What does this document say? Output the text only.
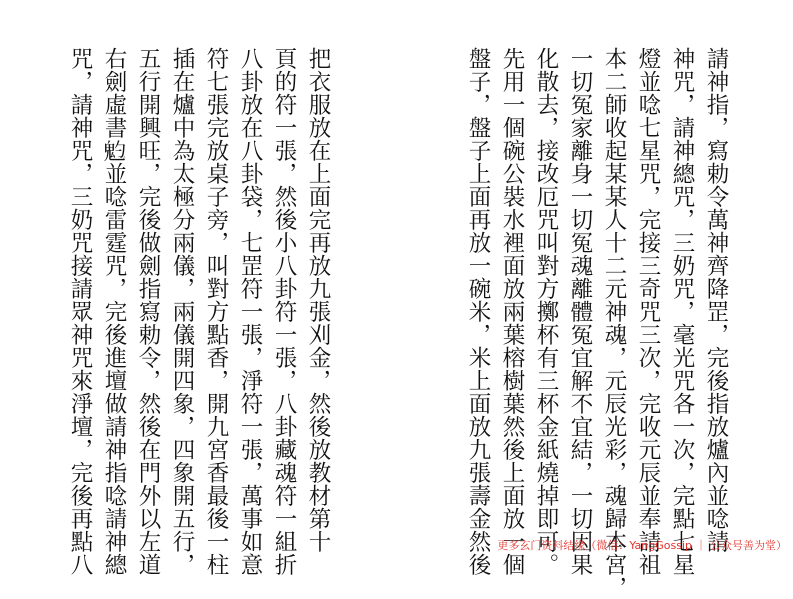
請神指，寫勅令萬神齊降罡，完後指放爐內並唸請
神咒，請神總咒，三奶咒，毫光咒各一次，完點七星
燈並唸七星咒，完接三奇咒三次，完收元辰並奉請祖
本二師收起某某人十二元神魂，元辰光彩，魂歸本宮，
一切冤家離身一切冤魂離體冤宜解不宜結，一切因果
化散去，接改厄咒叫對方擲杯有三杯金紙燒掉即可。
先用一個碗公裝水裡面放兩葉榕樹葉然後上面放一個
盤子，盤子上面再放一碗米，米上面放九張壽金然後
把衣服放在上面完再放九張刈金，然後放教材第十
頁的符一張，然後小八卦符一張，八卦藏魂符一組折
八卦放在八卦袋，七罡符一張，淨符一張，萬事如意
符七張完放桌子旁，叫對方點香，開九宮香最後一柱
插在爐中為太極分兩儀，兩儀開四象，四象開五行，
五行開興旺，完後做劍指寫勅令，然後在門外以左道
右劍虛書𩲃並唸雷霆咒，完後進壇做請神指唸請神總
咒，請神咒，三奶咒接請眾神咒來淨壇，完後再點八	更多玄门资料结缘（微信：YangGossip ｜ 公众号善为堂）
